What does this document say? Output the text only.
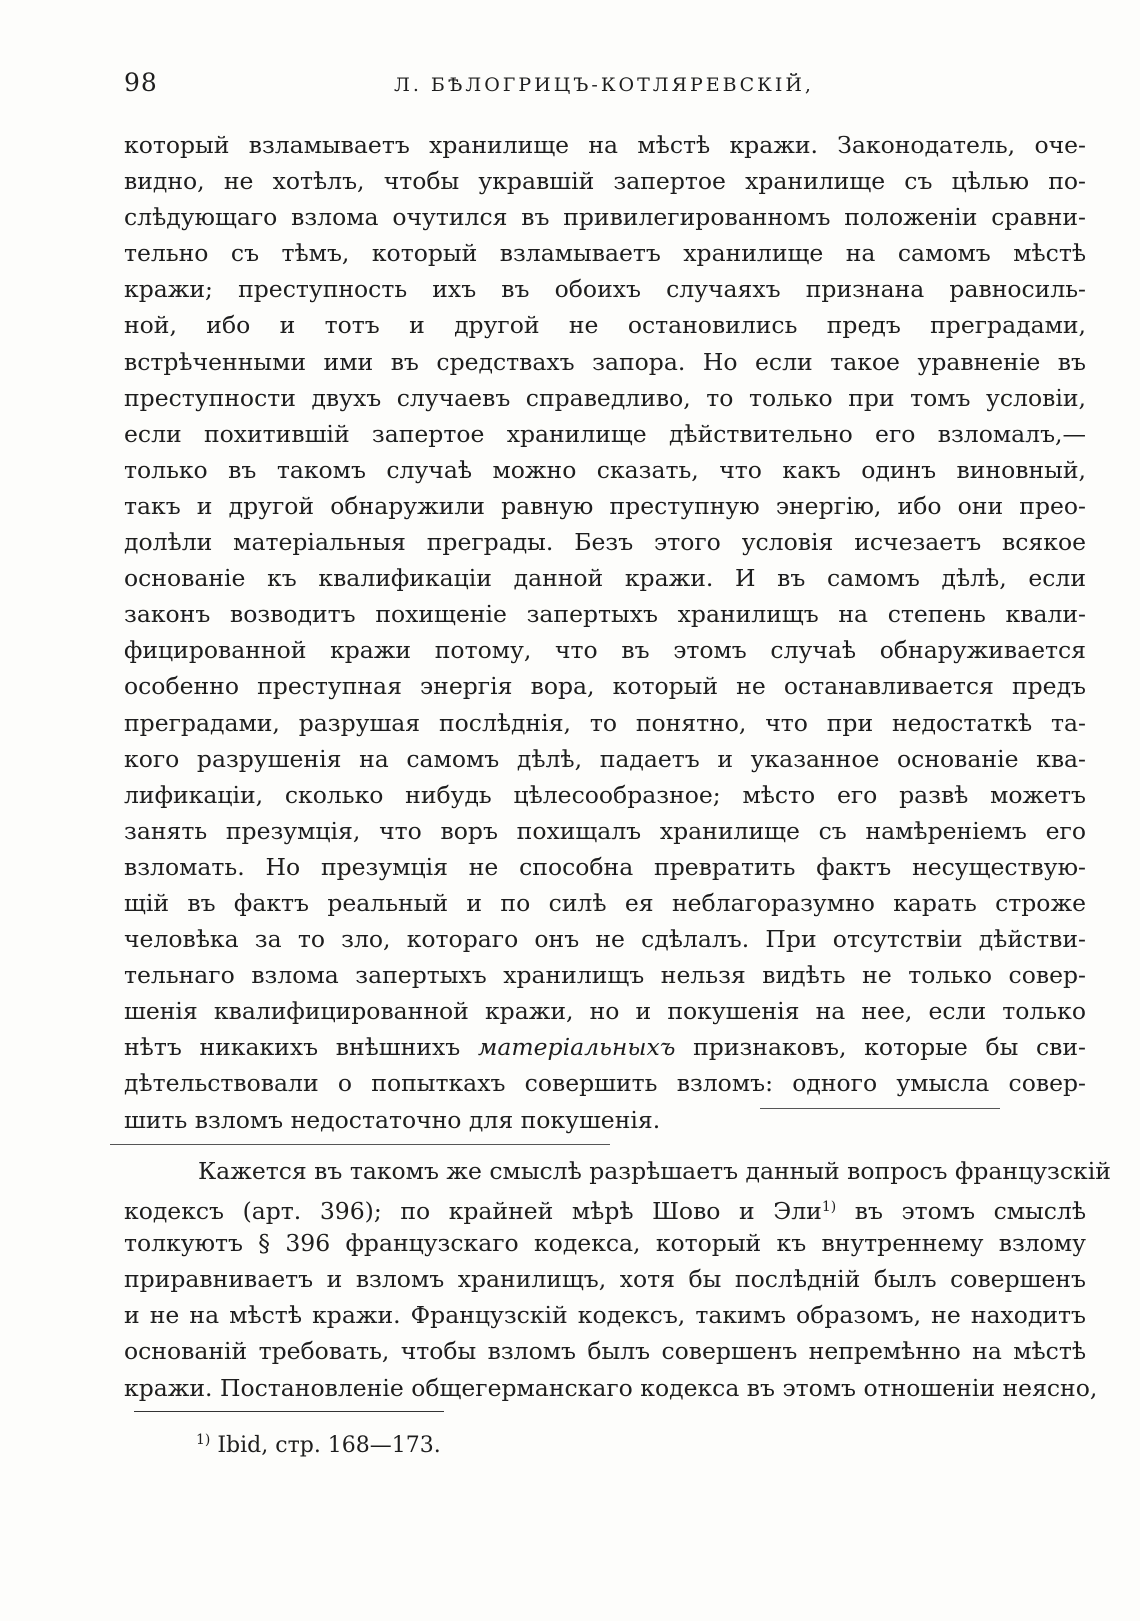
98	Л. БѢЛОГРИЦЪ-КОТЛЯРЕВСКІЙ,
который взламываетъ хранилище на мѣстѣ кражи. Законодатель, оче-
видно, не хотѣлъ, чтобы укравшій запертое хранилище съ цѣлью по-
слѣдующаго взлома очутился въ привилегированномъ положеніи сравни-
тельно съ тѣмъ, который взламываетъ хранилище на самомъ мѣстѣ
кражи; преступность ихъ въ обоихъ случаяхъ признана равносиль-
ной, ибо и тотъ и другой не остановились предъ преградами,
встрѣченными ими въ средствахъ запора. Но если такое уравненіе въ
преступности двухъ случаевъ справедливо, то только при томъ условіи,
если похитившій запертое хранилище дѣйствительно его взломалъ,—
только въ такомъ случаѣ можно сказать, что какъ одинъ виновный,
такъ и другой обнаружили равную преступную энергію, ибо они прео-
долѣли матеріальныя преграды. Безъ этого условія исчезаетъ всякое
основаніе къ квалификаціи данной кражи. И въ самомъ дѣлѣ, если
законъ возводитъ похищеніе запертыхъ хранилищъ на степень квали-
фицированной кражи потому, что въ этомъ случаѣ обнаруживается
особенно преступная энергія вора, который не останавливается предъ
преградами, разрушая послѣднія, то понятно, что при недостаткѣ та-
кого разрушенія на самомъ дѣлѣ, падаетъ и указанное основаніе ква-
лификаціи, сколько нибудь цѣлесообразное; мѣсто его развѣ можетъ
занять презумція, что воръ похищалъ хранилище съ намѣреніемъ его
взломать. Но презумція не способна превратить фактъ несуществую-
щій въ фактъ реальный и по силѣ ея неблагоразумно карать строже
человѣка за то зло, котораго онъ не сдѣлалъ. При отсутствіи дѣйстви-
тельнаго взлома запертыхъ хранилищъ нельзя видѣть не только совер-
шенія квалифицированной кражи, но и покушенія на нее, если только
нѣтъ никакихъ внѣшнихъ матеріальныхъ признаковъ, которые бы сви-
дѣтельствовали о попыткахъ совершить взломъ: одного умысла совер-
шить взломъ недостаточно для покушенія.
Кажется въ такомъ же смыслѣ разрѣшаетъ данный вопросъ французскій
кодексъ (арт. 396); по крайней мѣрѣ Шово и Эли$^{1)}$ въ этомъ смыслѣ
толкуютъ § 396 французскаго кодекса, который къ внутреннему взлому
приравниваетъ и взломъ хранилищъ, хотя бы послѣдній былъ совершенъ
и не на мѣстѣ кражи. Французскій кодексъ, такимъ образомъ, не находитъ
основаній требовать, чтобы взломъ былъ совершенъ непремѣнно на мѣстѣ
кражи. Постановленіе общегерманскаго кодекса въ этомъ отношеніи неясно,
$^{1)}$ Ibid, стр. 168—173.
